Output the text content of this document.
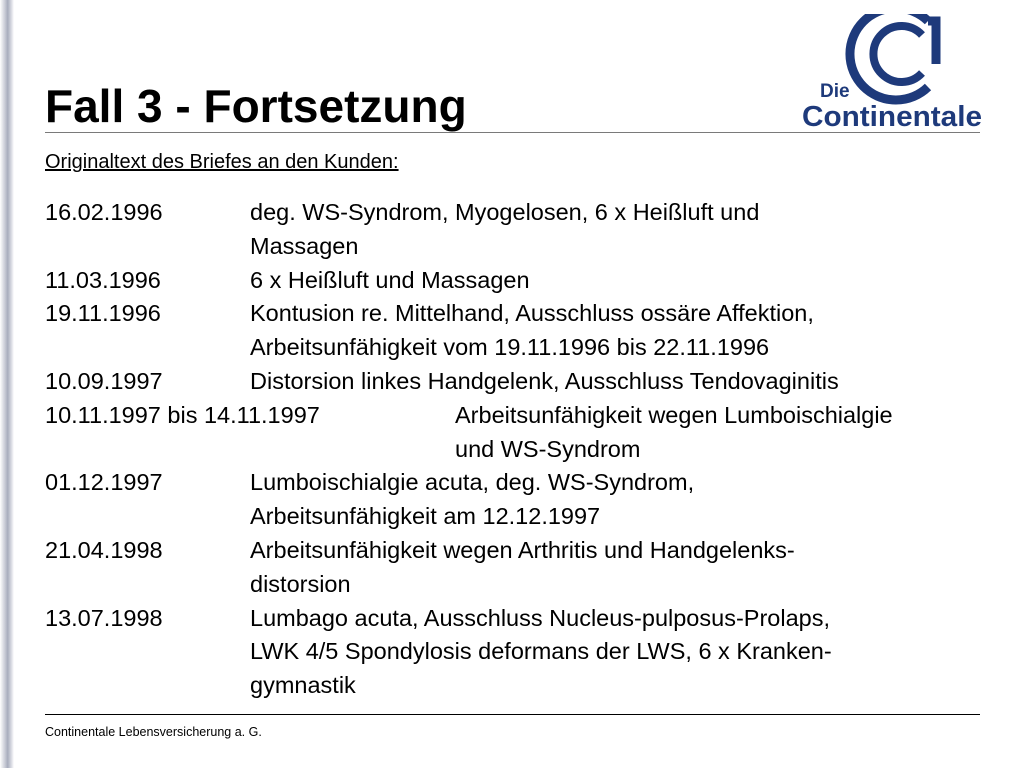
Fall 3 - Fortsetzung	Die
Continentale
Originaltext des Briefes an den Kunden:
16.02.1996	deg. WS-Syndrom, Myogelosen, 6 x Heißluft und
Massagen
11.03.1996	6 x Heißluft und Massagen
19.11.1996	Kontusion re. Mittelhand, Ausschluss ossäre Affektion,
Arbeitsunfähigkeit vom 19.11.1996 bis 22.11.1996
10.09.1997	Distorsion linkes Handgelenk, Ausschluss Tendovaginitis
10.11.1997 bis 14.11.1997	Arbeitsunfähigkeit wegen Lumboischialgie
und WS-Syndrom
01.12.1997	Lumboischialgie acuta, deg. WS-Syndrom,
Arbeitsunfähigkeit am 12.12.1997
21.04.1998	Arbeitsunfähigkeit wegen Arthritis und Handgelenks-
distorsion
13.07.1998	Lumbago acuta, Ausschluss Nucleus-pulposus-Prolaps,
LWK 4/5 Spondylosis deformans der LWS, 6 x Kranken-
gymnastik
Continentale Lebensversicherung a. G.
